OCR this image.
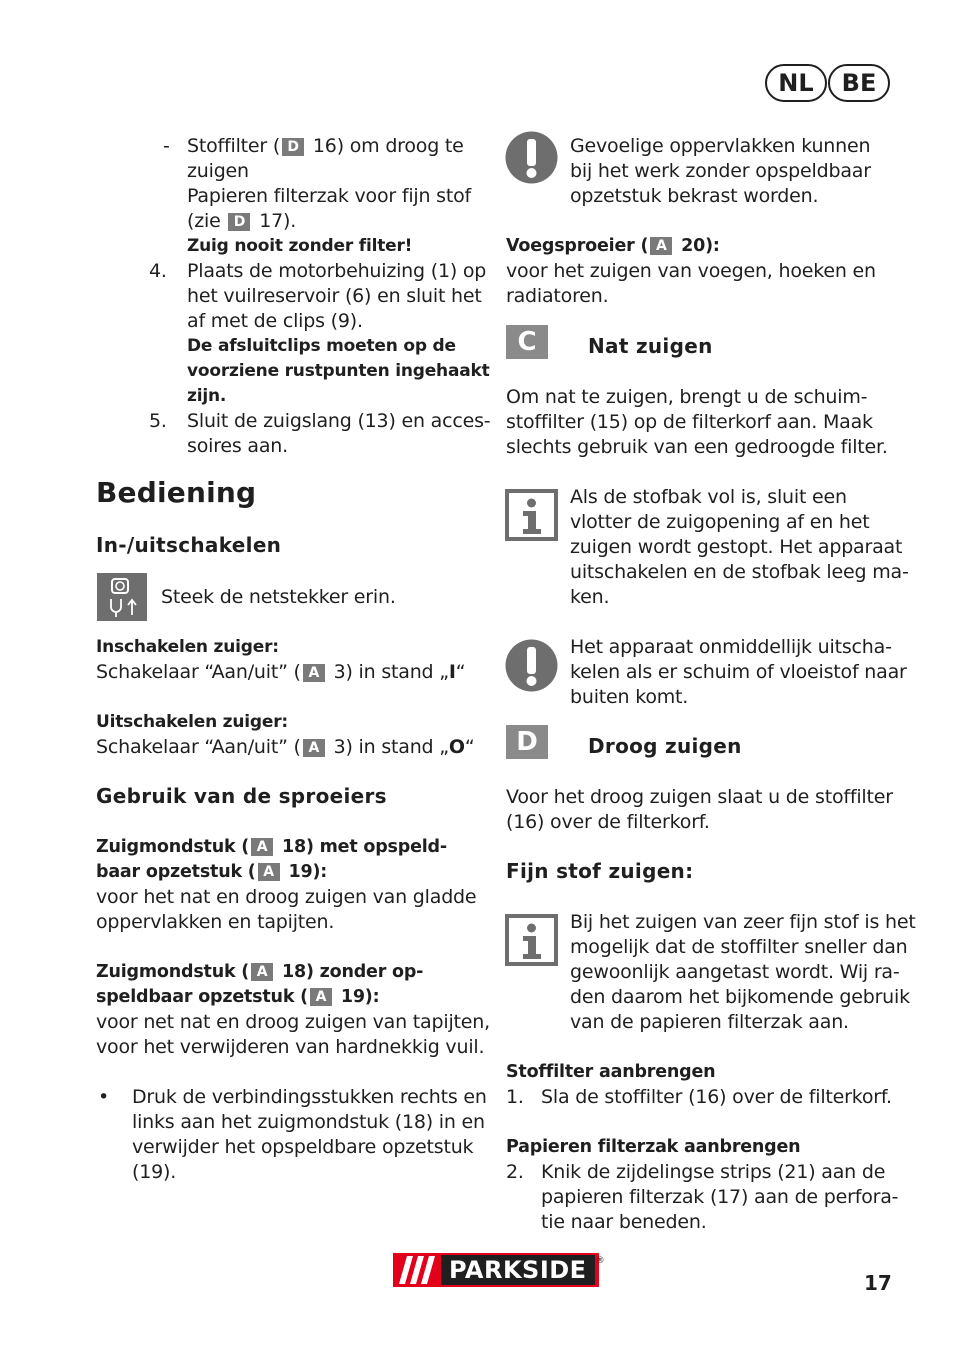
NL	BE
- Stoffilter ( D 16) om droog te
zuigen
Papieren filterzak voor fijn stof
(zie D 17).
Zuig nooit zonder filter!
4. Plaats de motorbehuizing (1) op
het vuilreservoir (6) en sluit het
af met de clips (9).
De afsluitclips moeten op de
voorziene rustpunten ingehaakt
zijn.
5. Sluit de zuigslang (13) en acces-
soires aan.
Bediening
In-/uitschakelen
Steek de netstekker erin.
Inschakelen zuiger:
Schakelaar “Aan/uit” ( A 3) in stand „I“
Uitschakelen zuiger:
Schakelaar “Aan/uit” ( A 3) in stand „O“
Gebruik van de sproeiers
Zuigmondstuk ( A 18) met opspeld-
baar opzetstuk ( A 19):
voor het nat en droog zuigen van gladde
oppervlakken en tapijten.
Zuigmondstuk ( A 18) zonder op-
speldbaar opzetstuk ( A 19):
voor net nat en droog zuigen van tapijten,
voor het verwijderen van hardnekkig vuil.
• Druk de verbindingsstukken rechts en
links aan het zuigmondstuk (18) in en
verwijder het opspeldbare opzetstuk
(19).
Gevoelige oppervlakken kunnen
bij het werk zonder opspeldbaar
opzetstuk bekrast worden.
Voegsproeier ( A 20):
voor het zuigen van voegen, hoeken en
radiatoren.
C	Nat zuigen
Om nat te zuigen, brengt u de schuim-
stoffilter (15) op de filterkorf aan. Maak
slechts gebruik van een gedroogde filter.
Als de stofbak vol is, sluit een
vlotter de zuigopening af en het
zuigen wordt gestopt. Het apparaat
uitschakelen en de stofbak leeg ma-
ken.
Het apparaat onmiddellijk uitscha-
kelen als er schuim of vloeistof naar
buiten komt.
D	Droog zuigen
Voor het droog zuigen slaat u de stoffilter
(16) over de filterkorf.
Fijn stof zuigen:
Bij het zuigen van zeer fijn stof is het
mogelijk dat de stoffilter sneller dan
gewoonlijk aangetast wordt. Wij ra-
den daarom het bijkomende gebruik
van de papieren filterzak aan.
Stoffilter aanbrengen
1. Sla de stoffilter (16) over de filterkorf.
Papieren filterzak aanbrengen
2. Knik de zijdelingse strips (21) aan de
papieren filterzak (17) aan de perfora-
tie naar beneden.
PARKSIDE	®
17
